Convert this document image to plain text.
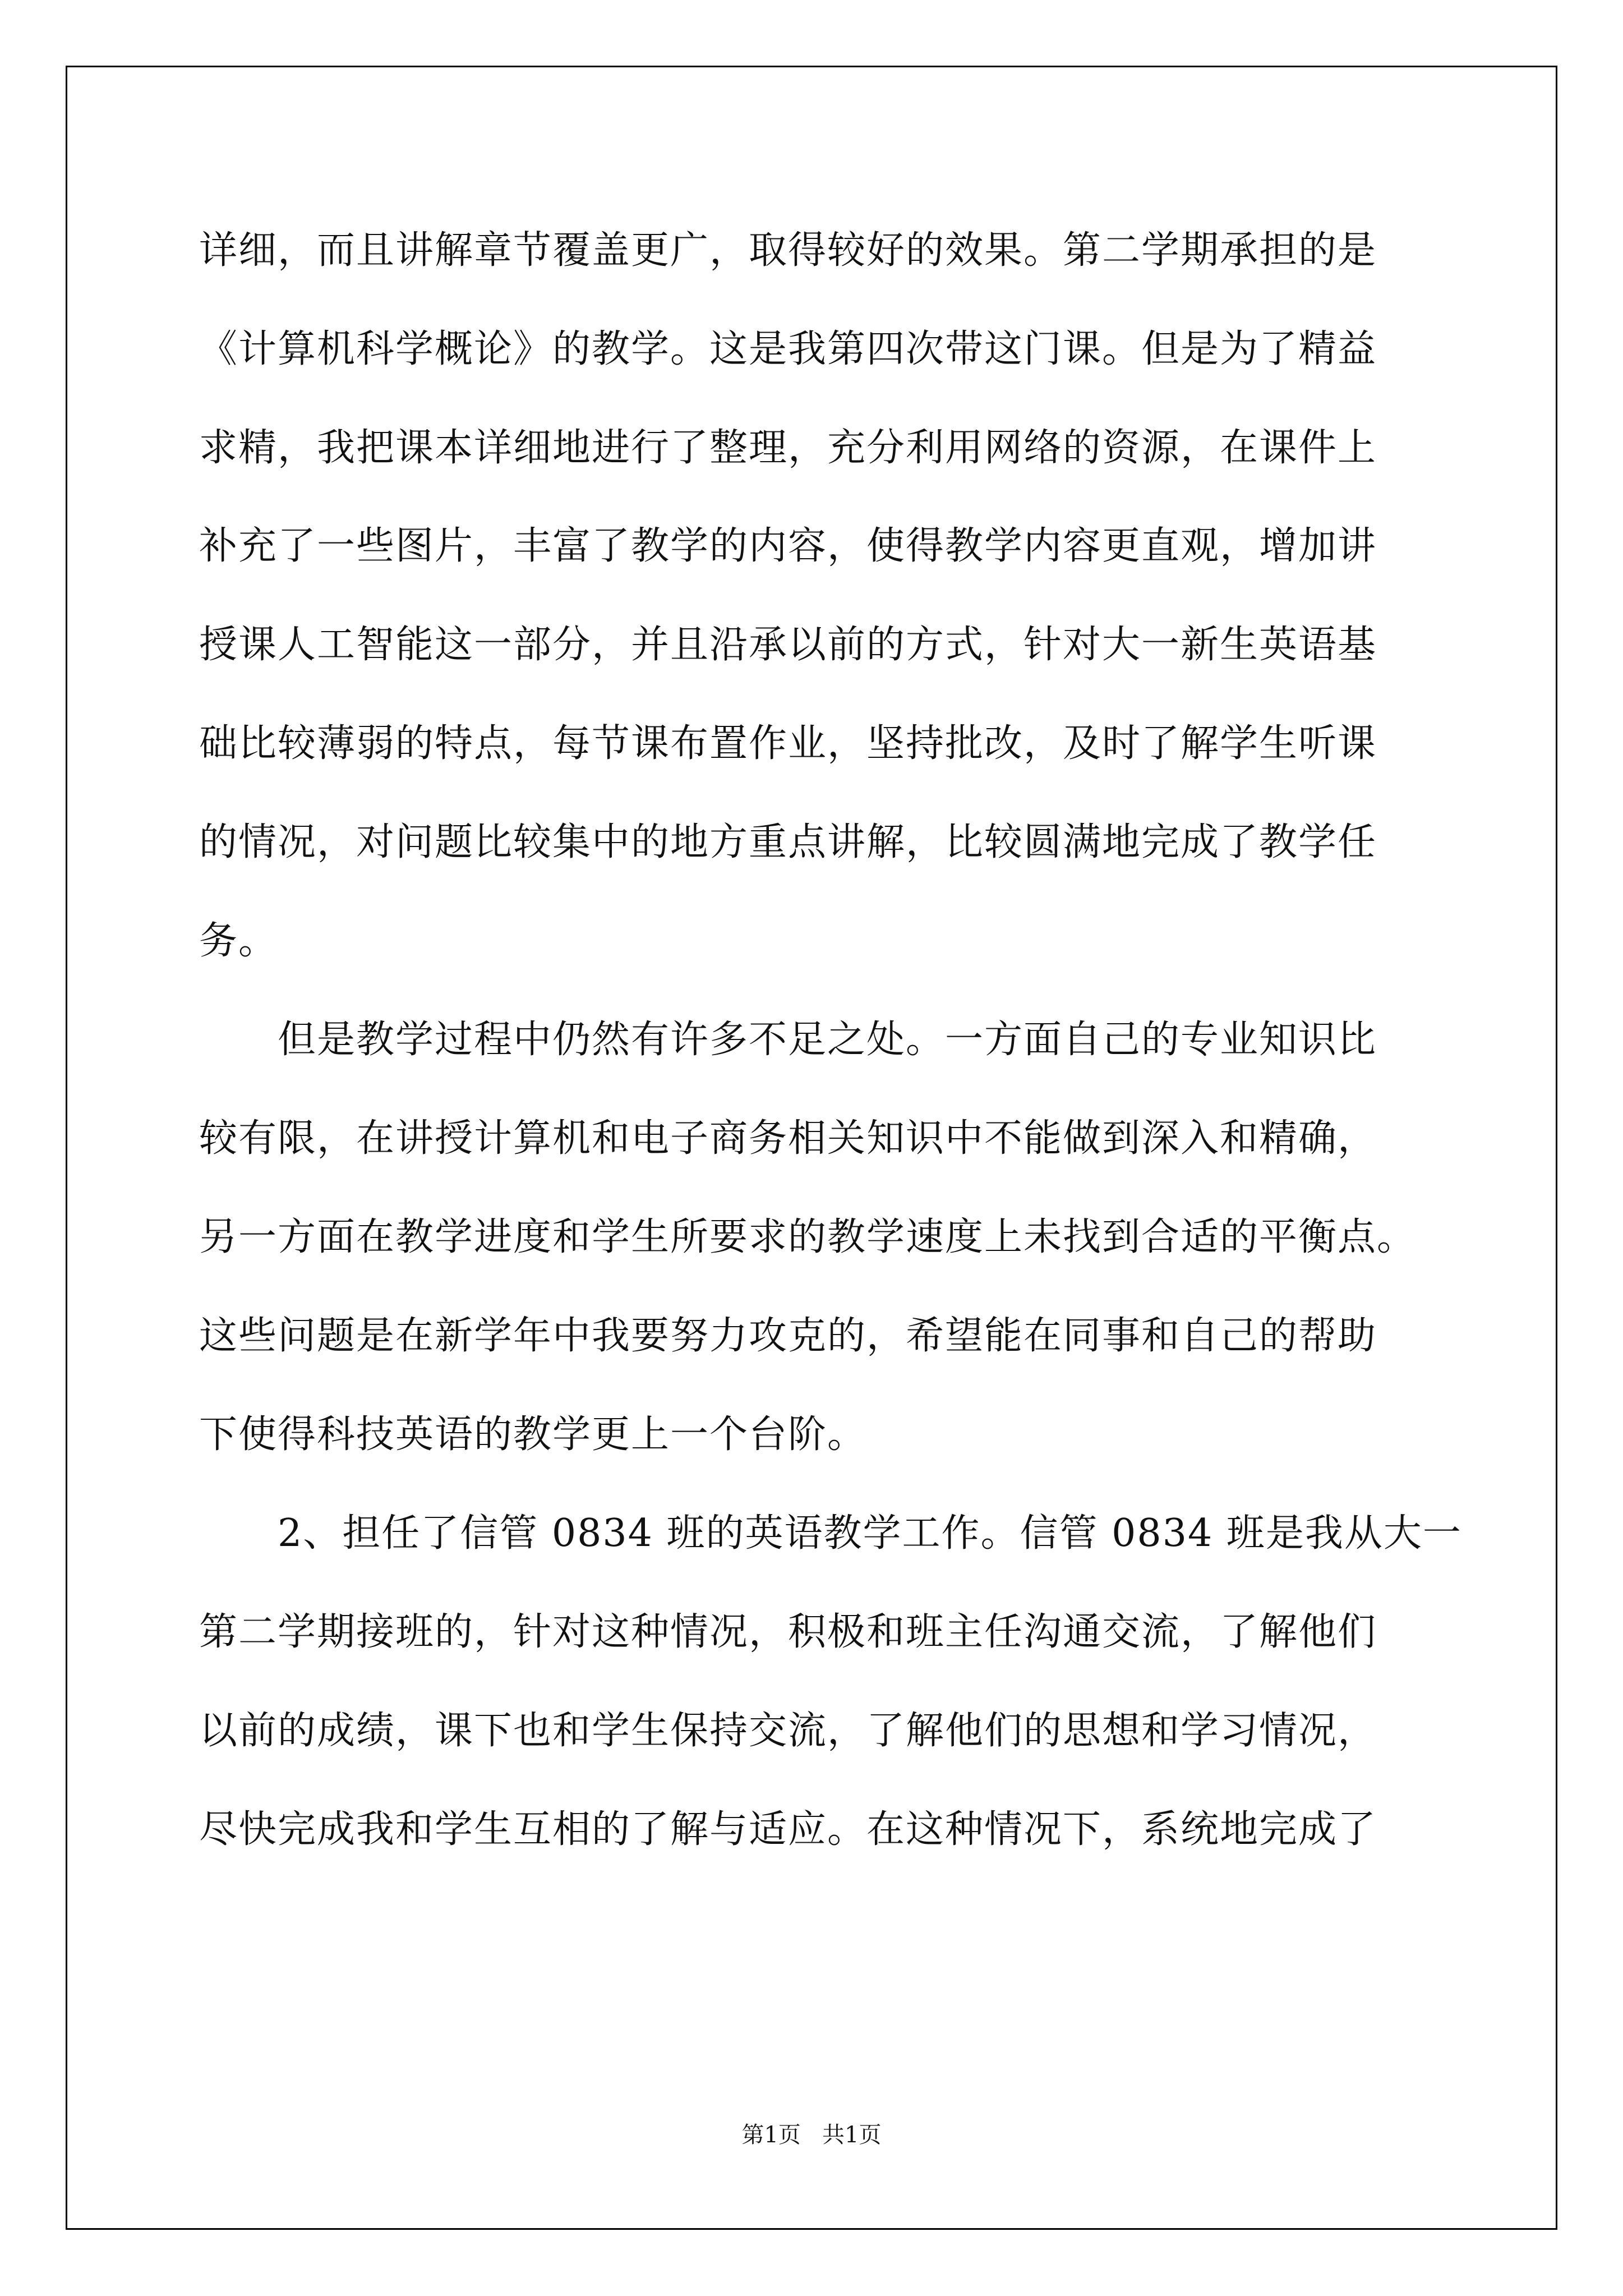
详细，而且讲解章节覆盖更广，取得较好的效果。第二学期承担的是
《计算机科学概论》的教学。这是我第四次带这门课。但是为了精益
求精，我把课本详细地进行了整理，充分利用网络的资源，在课件上
补充了一些图片，丰富了教学的内容，使得教学内容更直观，增加讲
授课人工智能这一部分，并且沿承以前的方式，针对大一新生英语基
础比较薄弱的特点，每节课布置作业，坚持批改，及时了解学生听课
的情况，对问题比较集中的地方重点讲解，比较圆满地完成了教学任
务。
但是教学过程中仍然有许多不足之处。一方面自己的专业知识比
较有限，在讲授计算机和电子商务相关知识中不能做到深入和精确，
另一方面在教学进度和学生所要求的教学速度上未找到合适的平衡点。
这些问题是在新学年中我要努力攻克的，希望能在同事和自己的帮助
下使得科技英语的教学更上一个台阶。
2、担任了信管 0834 班的英语教学工作。信管 0834 班是我从大一
第二学期接班的，针对这种情况，积极和班主任沟通交流，了解他们
以前的成绩，课下也和学生保持交流，了解他们的思想和学习情况，
尽快完成我和学生互相的了解与适应。在这种情况下，系统地完成了
第1页   共1页
